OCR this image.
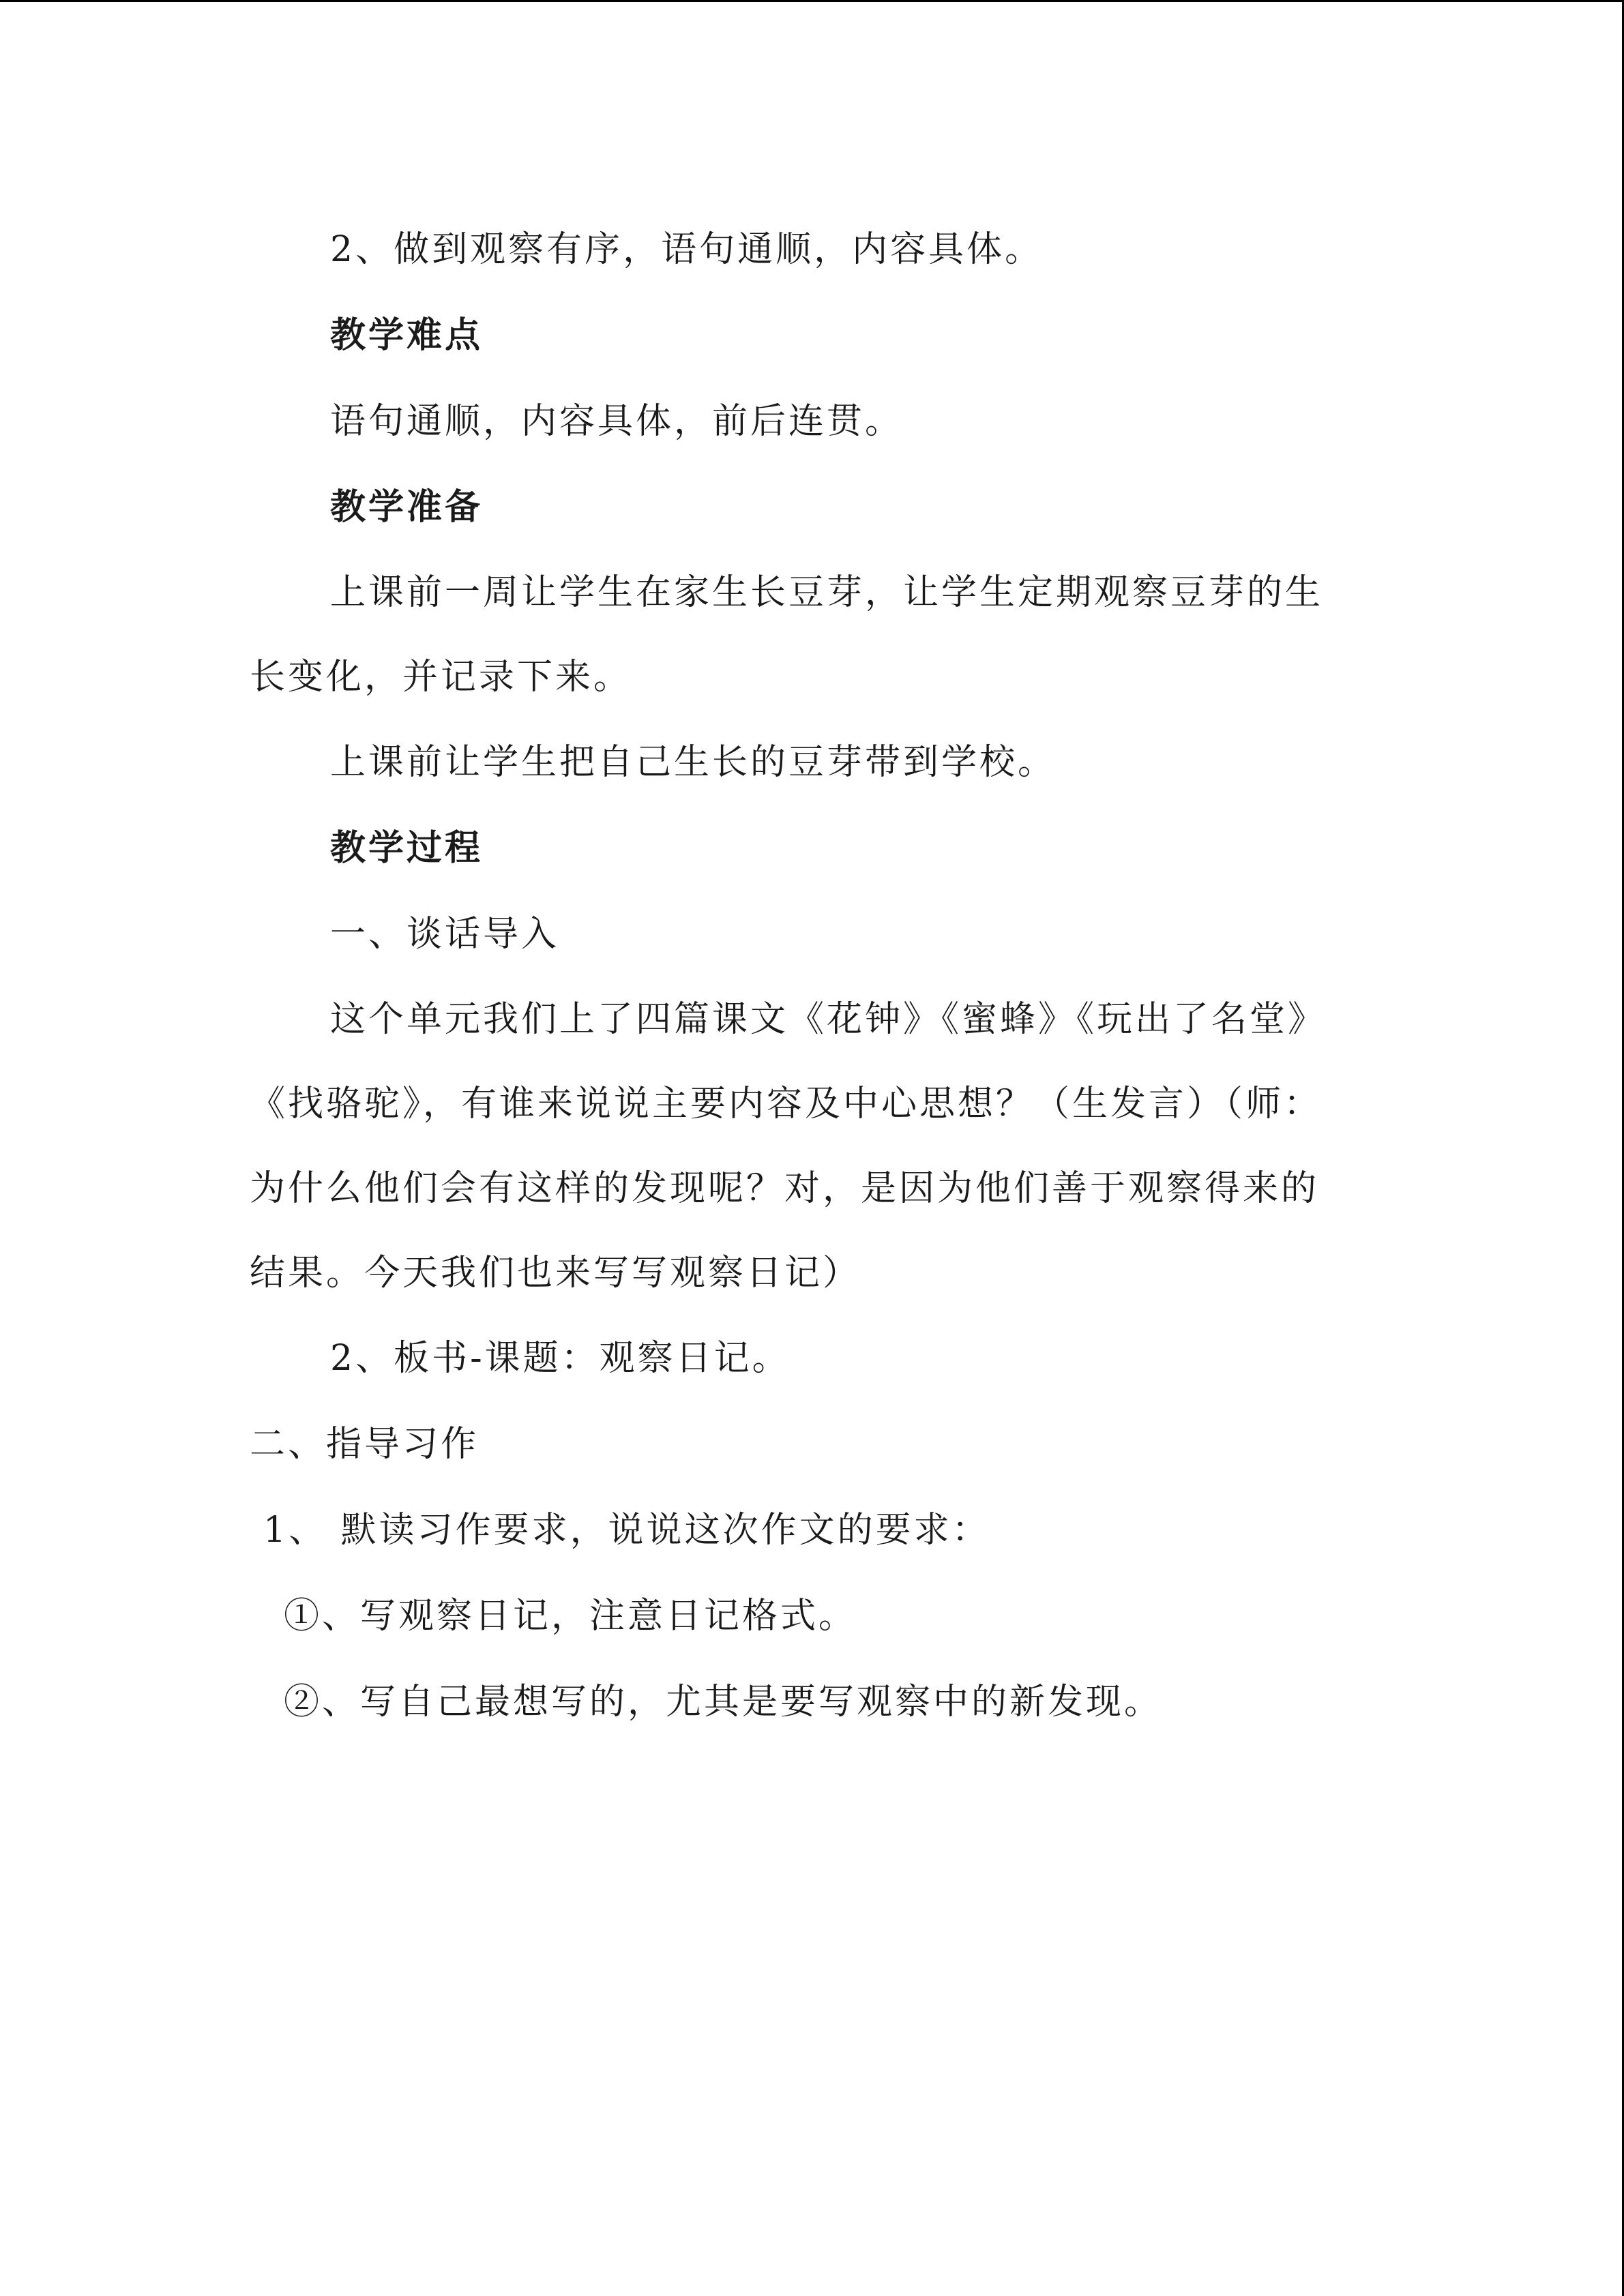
2、做到观察有序，语句通顺，内容具体。

教学难点

语句通顺，内容具体，前后连贯。

教学准备

上课前一周让学生在家生长豆芽，让学生定期观察豆芽的生长变化，并记录下来。

上课前让学生把自己生长的豆芽带到学校。

教学过程

一、谈话导入

这个单元我们上了四篇课文《花钟》《蜜蜂》《玩出了名堂》《找骆驼》，有谁来说说主要内容及中心思想？（生发言）（师：为什么他们会有这样的发现呢？对，是因为他们善于观察得来的结果。今天我们也来写写观察日记）

2、板书-课题：观察日记。

二、指导习作

1、 默读习作要求，说说这次作文的要求：

①、写观察日记，注意日记格式。

②、写自己最想写的，尤其是要写观察中的新发现。
